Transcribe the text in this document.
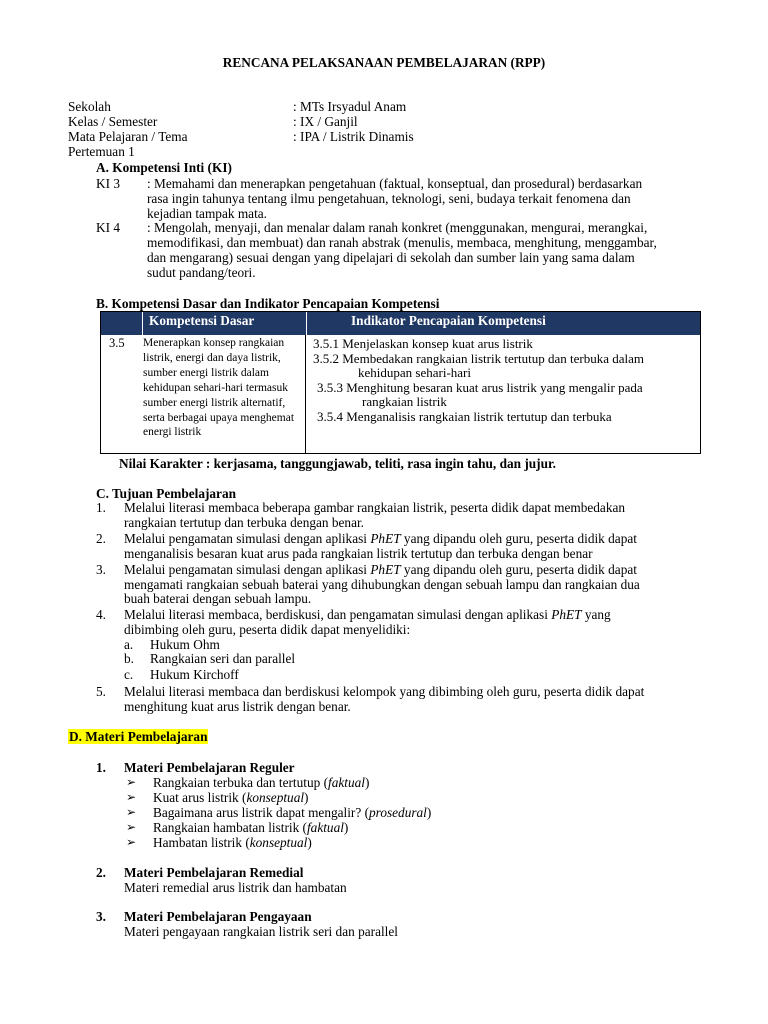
RENCANA PELAKSANAAN PEMBELAJARAN (RPP)
Sekolah	: MTs Irsyadul Anam
Kelas / Semester	: IX / Ganjil
Mata Pelajaran / Tema	: IPA / Listrik Dinamis
Pertemuan 1
A. Kompetensi Inti (KI)
KI 3 : Memahami dan menerapkan pengetahuan (faktual, konseptual, dan prosedural) berdasarkan
rasa ingin tahunya tentang ilmu pengetahuan, teknologi, seni, budaya terkait fenomena dan
kejadian tampak mata.
KI 4 : Mengolah, menyaji, dan menalar dalam ranah konkret (menggunakan, mengurai, merangkai,
memodifikasi, dan membuat) dan ranah abstrak (menulis, membaca, menghitung, menggambar,
dan mengarang) sesuai dengan yang dipelajari di sekolah dan sumber lain yang sama dalam
sudut pandang/teori.
B. Kompetensi Dasar dan Indikator Pencapaian Kompetensi
Kompetensi Dasar	Indikator Pencapaian Kompetensi
3.5 Menerapkan konsep rangkaian listrik, energi dan daya listrik, sumber energi listrik dalam kehidupan sehari-hari termasuk sumber energi listrik alternatif, serta berbagai upaya menghemat energi listrik
3.5.1 Menjelaskan konsep kuat arus listrik
3.5.2 Membedakan rangkaian listrik tertutup dan terbuka dalam
kehidupan sehari-hari
3.5.3 Menghitung besaran kuat arus listrik yang mengalir pada
rangkaian listrik
3.5.4 Menganalisis rangkaian listrik tertutup dan terbuka
Nilai Karakter : kerjasama, tanggungjawab, teliti, rasa ingin tahu, dan jujur.
C. Tujuan Pembelajaran
1. Melalui literasi membaca beberapa gambar rangkaian listrik, peserta didik dapat membedakan
rangkaian tertutup dan terbuka dengan benar.
2. Melalui pengamatan simulasi dengan aplikasi PhET yang dipandu oleh guru, peserta didik dapat
menganalisis besaran kuat arus pada rangkaian listrik tertutup dan terbuka dengan benar
3. Melalui pengamatan simulasi dengan aplikasi PhET yang dipandu oleh guru, peserta didik dapat
mengamati rangkaian sebuah baterai yang dihubungkan dengan sebuah lampu dan rangkaian dua
buah baterai dengan sebuah lampu.
4. Melalui literasi membaca, berdiskusi, dan pengamatan simulasi dengan aplikasi PhET yang
dibimbing oleh guru, peserta didik dapat menyelidiki:
a. Hukum Ohm
b. Rangkaian seri dan parallel
c. Hukum Kirchoff
5. Melalui literasi membaca dan berdiskusi kelompok yang dibimbing oleh guru, peserta didik dapat
menghitung kuat arus listrik dengan benar.
D. Materi Pembelajaran
1. Materi Pembelajaran Reguler
➢ Rangkaian terbuka dan tertutup (faktual)
➢ Kuat arus listrik (konseptual)
➢ Bagaimana arus listrik dapat mengalir? (prosedural)
➢ Rangkaian hambatan listrik (faktual)
➢ Hambatan listrik (konseptual)
2. Materi Pembelajaran Remedial
Materi remedial arus listrik dan hambatan
3. Materi Pembelajaran Pengayaan
Materi pengayaan rangkaian listrik seri dan parallel
